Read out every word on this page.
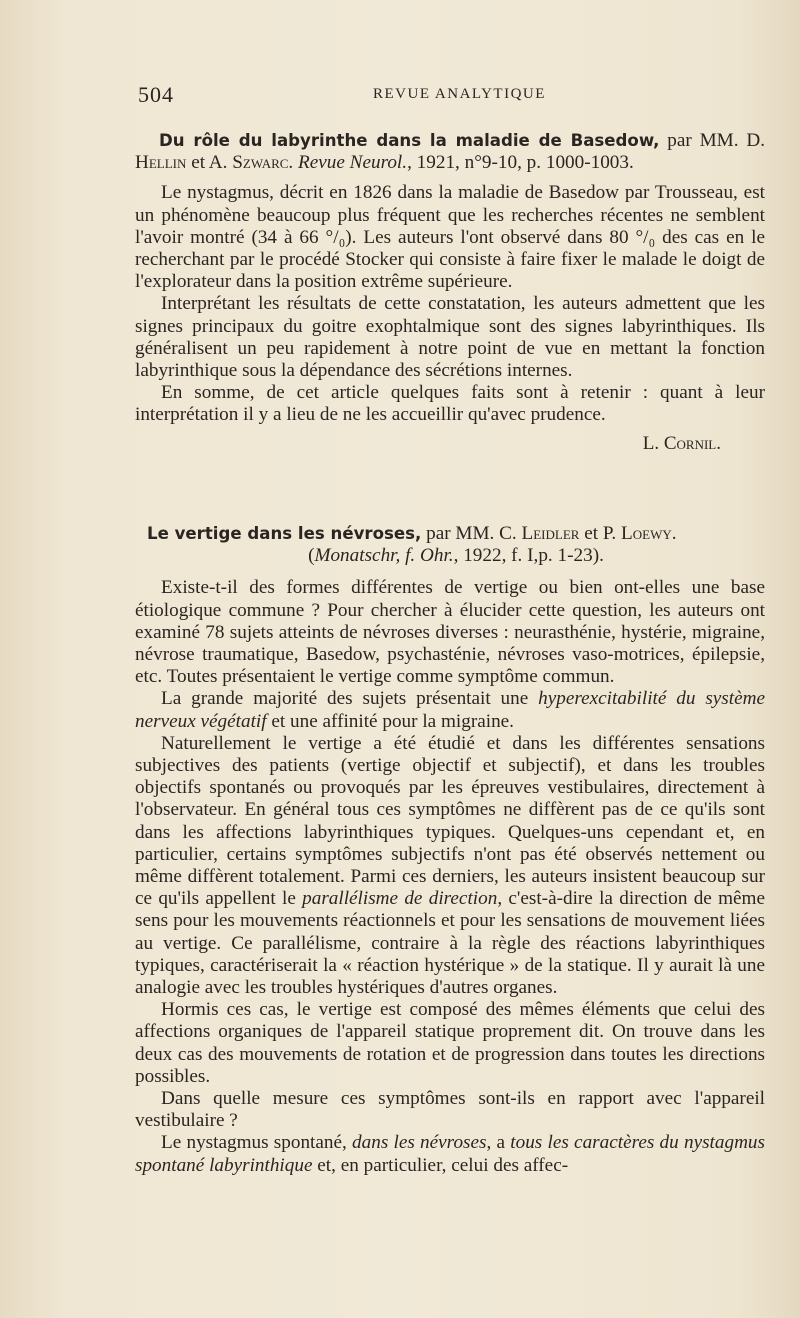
504	REVUE ANALYTIQUE

Du rôle du labyrinthe dans la maladie de Basedow, par MM. D. Hellin et A. Szwarc. Revue Neurol., 1921, n°9-10, p. 1000-1003.

Le nystagmus, décrit en 1826 dans la maladie de Basedow par Trousseau, est un phénomène beaucoup plus fréquent que les recherches récentes ne semblent l'avoir montré (34 à 66 °/₀). Les auteurs l'ont observé dans 80 °/₀ des cas en le recherchant par le procédé Stocker qui consiste à faire fixer le malade le doigt de l'explorateur dans la position extrême supérieure.

Interprétant les résultats de cette constatation, les auteurs admettent que les signes principaux du goitre exophtalmique sont des signes labyrinthiques. Ils généralisent un peu rapidement à notre point de vue en mettant la fonction labyrinthique sous la dépendance des sécrétions internes.

En somme, de cet article quelques faits sont à retenir : quant à leur interprétation il y a lieu de ne les accueillir qu'avec prudence.

L. Cornil.

Le vertige dans les névroses, par MM. C. Leidler et P. Loewy.
(Monatschr, f. Ohr., 1922, f. I,p. 1-23).

Existe-t-il des formes différentes de vertige ou bien ont-elles une base étiologique commune ? Pour chercher à élucider cette question, les auteurs ont examiné 78 sujets atteints de névroses diverses : neurasthénie, hystérie, migraine, névrose traumatique, Basedow, psychasténie, névroses vaso-motrices, épilepsie, etc. Toutes présentaient le vertige comme symptôme commun.

La grande majorité des sujets présentait une hyperexcitabilité du système nerveux végétatif et une affinité pour la migraine.

Naturellement le vertige a été étudié et dans les différentes sensations subjectives des patients (vertige objectif et subjectif), et dans les troubles objectifs spontanés ou provoqués par les épreuves vestibulaires, directement à l'observateur. En général tous ces symptômes ne diffèrent pas de ce qu'ils sont dans les affections labyrinthiques typiques. Quelques-uns cependant et, en particulier, certains symptômes subjectifs n'ont pas été observés nettement ou même diffèrent totalement. Parmi ces derniers, les auteurs insistent beaucoup sur ce qu'ils appellent le parallélisme de direction, c'est-à-dire la direction de même sens pour les mouvements réactionnels et pour les sensations de mouvement liées au vertige. Ce parallélisme, contraire à la règle des réactions labyrinthiques typiques, caractériserait la « réaction hystérique » de la statique. Il y aurait là une analogie avec les troubles hystériques d'autres organes.

Hormis ces cas, le vertige est composé des mêmes éléments que celui des affections organiques de l'appareil statique proprement dit. On trouve dans les deux cas des mouvements de rotation et de progression dans toutes les directions possibles.

Dans quelle mesure ces symptômes sont-ils en rapport avec l'appareil vestibulaire ?

Le nystagmus spontané, dans les névroses, a tous les caractères du nystagmus spontané labyrinthique et, en particulier, celui des affec-
